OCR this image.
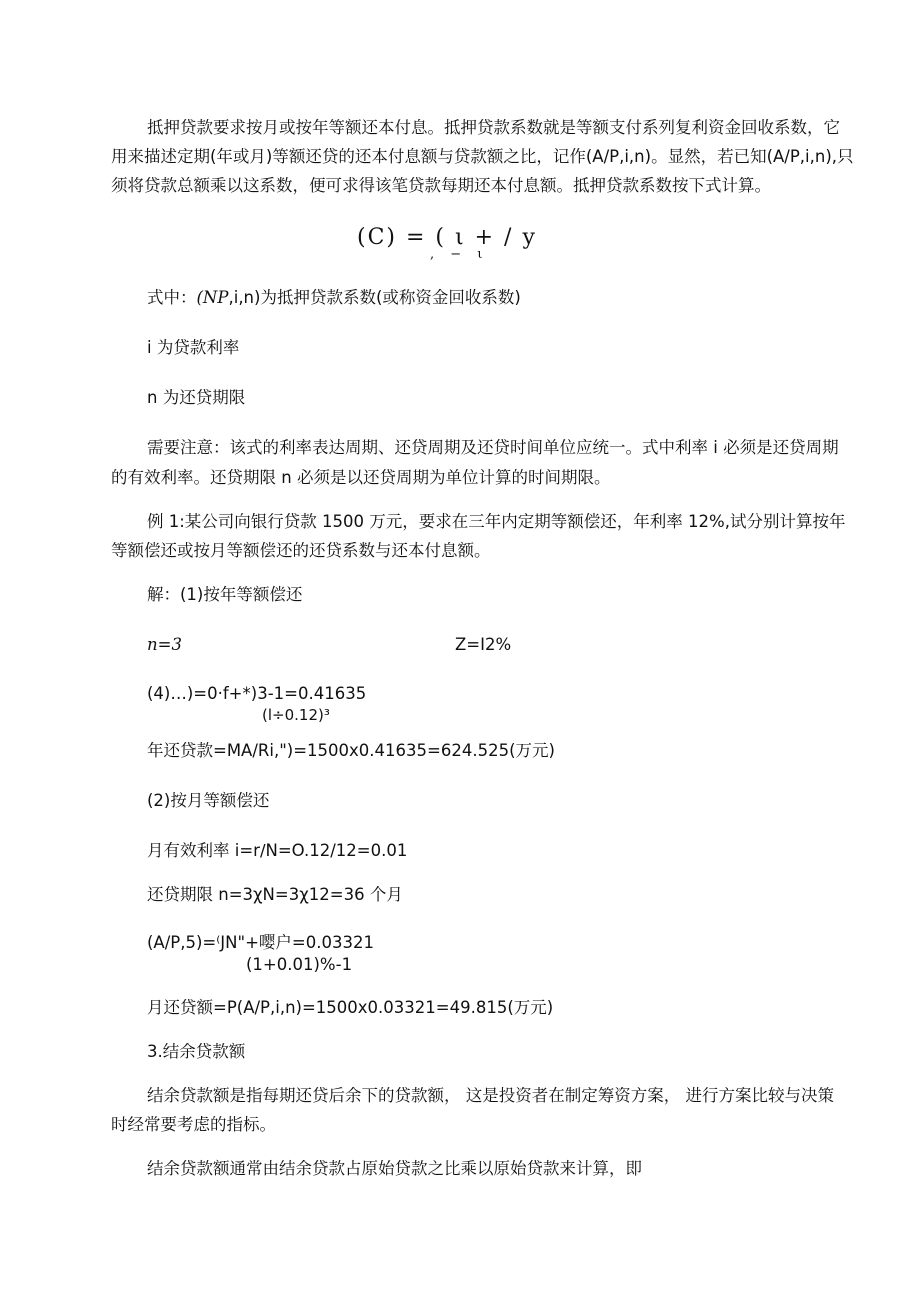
抵押贷款要求按月或按年等额还本付息。抵押贷款系数就是等额支付系列复利资金回收系数，它
用来描述定期(年或月)等额还贷的还本付息额与贷款额之比，记作(A/P,i,n)。显然，若已知(A/P,i,n),只
须将贷款总额乘以这系数，便可求得该笔贷款每期还本付息额。抵押贷款系数按下式计算。
(C) = ( ι + / y
, − ι
式中：(NP,i,n)为抵押贷款系数(或称资金回收系数)
i 为贷款利率
n 为还贷期限
需要注意：该式的利率表达周期、还贷周期及还贷时间单位应统一。式中利率 i 必须是还贷周期
的有效利率。还贷期限 n 必须是以还贷周期为单位计算的时间期限。
例 1:某公司向银行贷款 1500 万元，要求在三年内定期等额偿还，年利率 12%,试分别计算按年
等额偿还或按月等额偿还的还贷系数与还本付息额。
解：(1)按年等额偿还
n=3	Z=I2%
(4)…)=0·f+*)3-1=0.41635
(l÷0.12)³
年还贷款=MA/Ri,")=1500x0.41635=624.525(万元)
(2)按月等额偿还
月有效利率 i=r∕N=O.12/12=0.01
还贷期限 n=3χN=3χ12=36 个月
(A/P,5)=⁽JN"+嘤户=0.03321
(1+0.01)%-1
月还贷额=P(A/P,i,n)=1500x0.03321=49.815(万元)
3.结余贷款额
结余贷款额是指每期还贷后余下的贷款额， 这是投资者在制定筹资方案， 进行方案比较与决策
时经常要考虑的指标。
结余贷款额通常由结余贷款占原始贷款之比乘以原始贷款来计算，即
